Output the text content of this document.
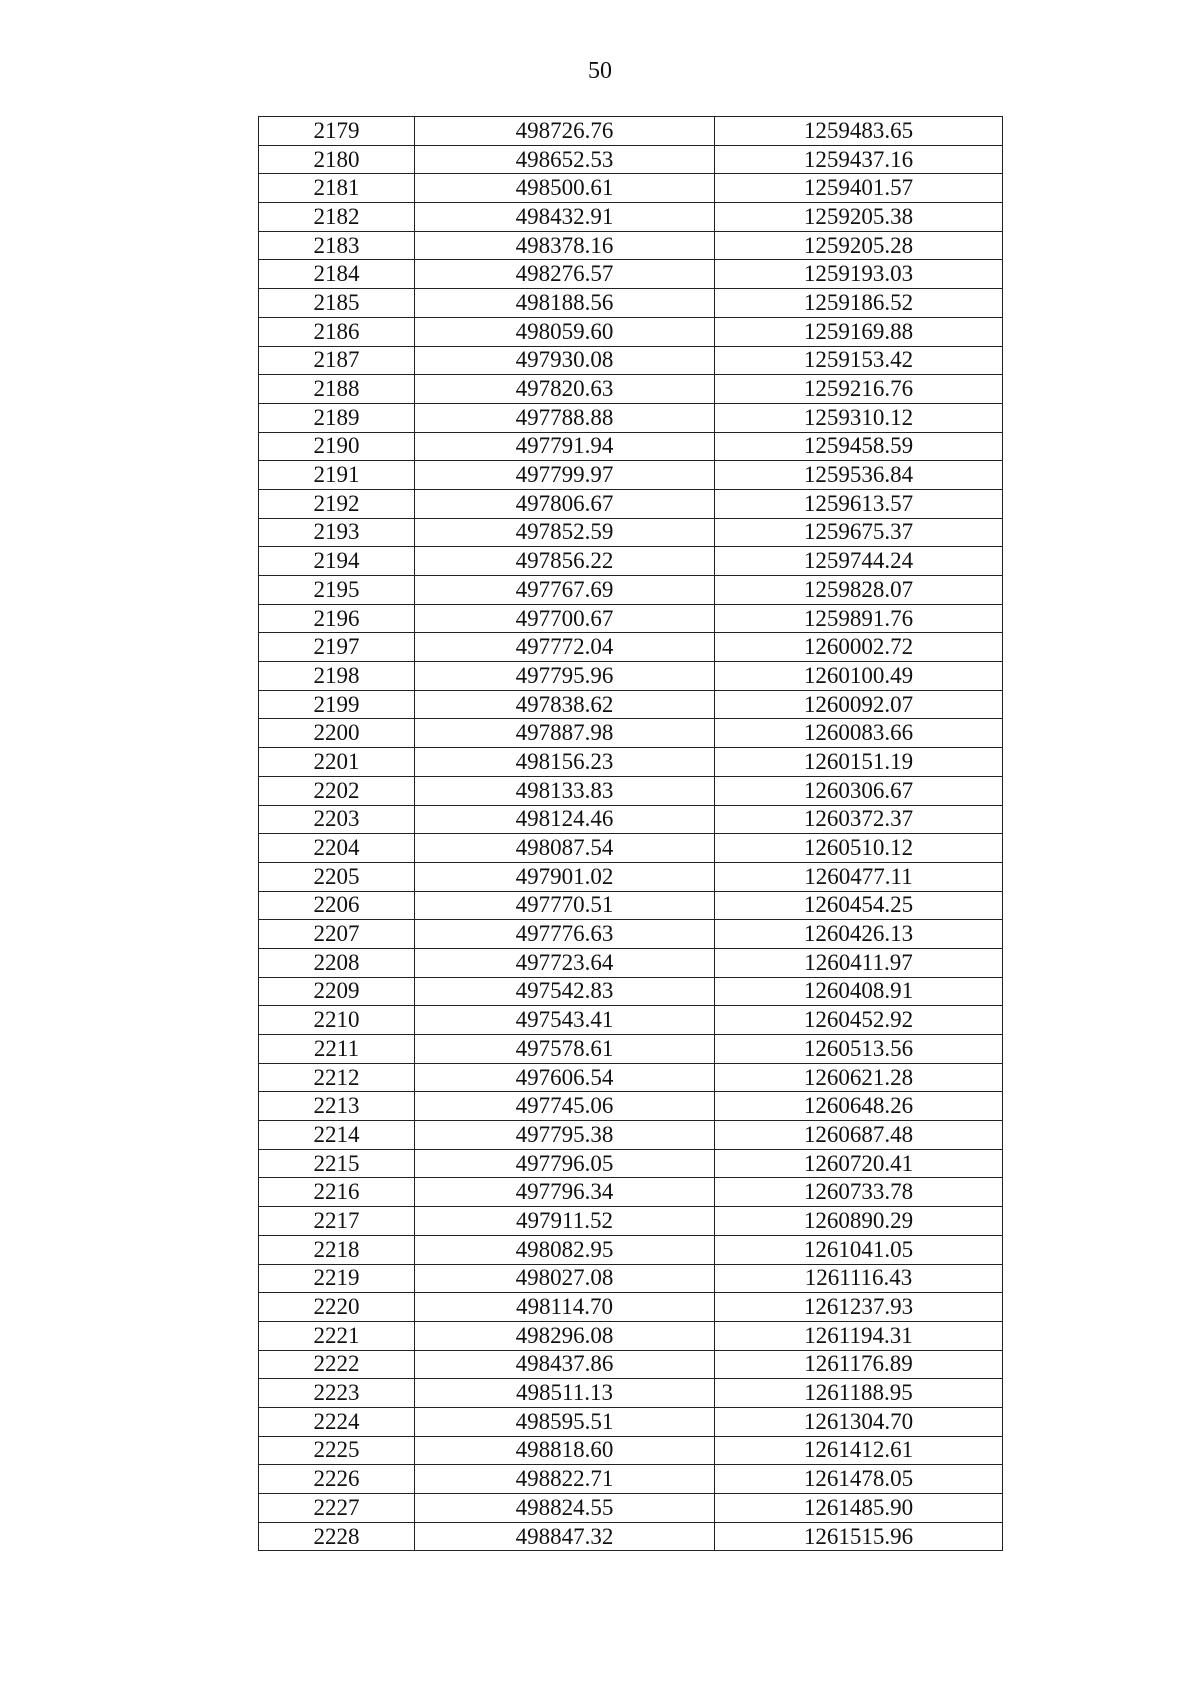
50
2179	498726.76	1259483.65
2180	498652.53	1259437.16
2181	498500.61	1259401.57
2182	498432.91	1259205.38
2183	498378.16	1259205.28
2184	498276.57	1259193.03
2185	498188.56	1259186.52
2186	498059.60	1259169.88
2187	497930.08	1259153.42
2188	497820.63	1259216.76
2189	497788.88	1259310.12
2190	497791.94	1259458.59
2191	497799.97	1259536.84
2192	497806.67	1259613.57
2193	497852.59	1259675.37
2194	497856.22	1259744.24
2195	497767.69	1259828.07
2196	497700.67	1259891.76
2197	497772.04	1260002.72
2198	497795.96	1260100.49
2199	497838.62	1260092.07
2200	497887.98	1260083.66
2201	498156.23	1260151.19
2202	498133.83	1260306.67
2203	498124.46	1260372.37
2204	498087.54	1260510.12
2205	497901.02	1260477.11
2206	497770.51	1260454.25
2207	497776.63	1260426.13
2208	497723.64	1260411.97
2209	497542.83	1260408.91
2210	497543.41	1260452.92
2211	497578.61	1260513.56
2212	497606.54	1260621.28
2213	497745.06	1260648.26
2214	497795.38	1260687.48
2215	497796.05	1260720.41
2216	497796.34	1260733.78
2217	497911.52	1260890.29
2218	498082.95	1261041.05
2219	498027.08	1261116.43
2220	498114.70	1261237.93
2221	498296.08	1261194.31
2222	498437.86	1261176.89
2223	498511.13	1261188.95
2224	498595.51	1261304.70
2225	498818.60	1261412.61
2226	498822.71	1261478.05
2227	498824.55	1261485.90
2228	498847.32	1261515.96
